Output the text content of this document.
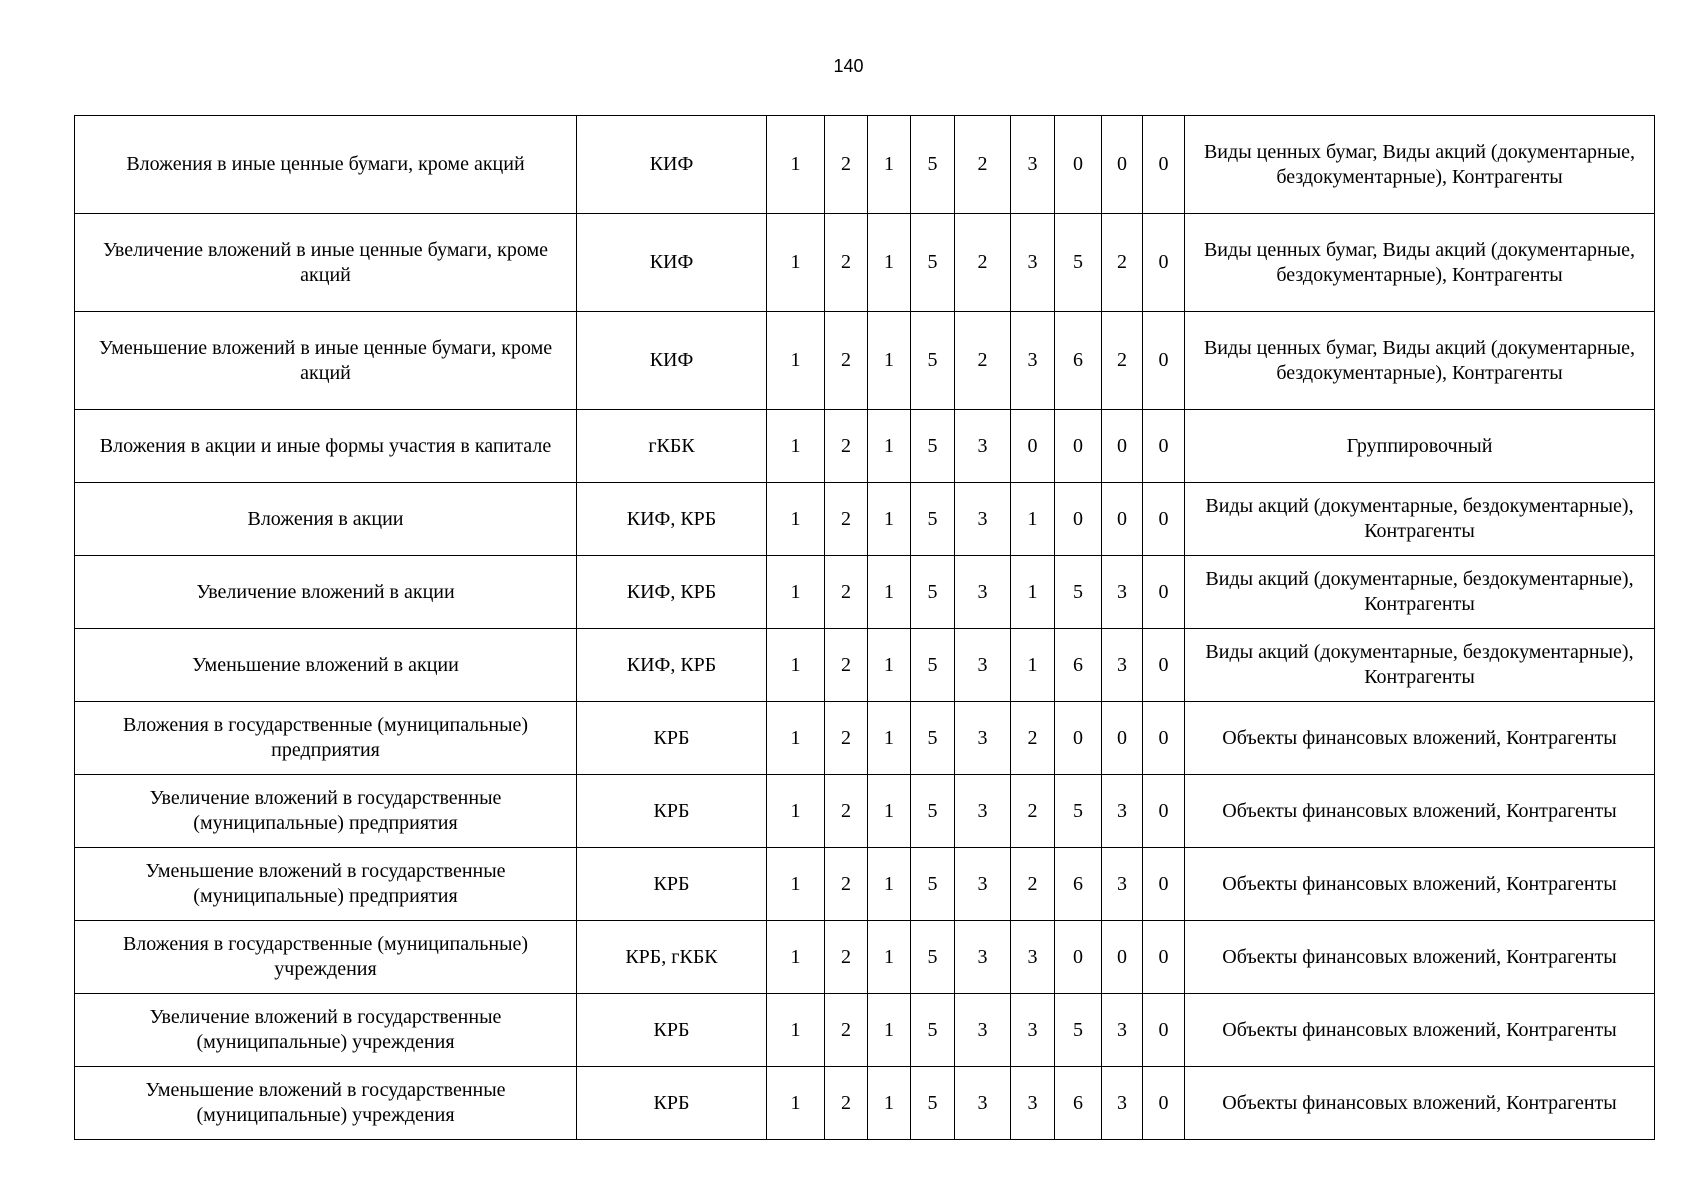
140
Вложения в иные ценные бумаги, кроме акций	КИФ	1	2	1	5	2	3	0	0	0	Виды ценных бумаг, Виды акций (документарные, бездокументарные), Контрагенты
Увеличение вложений в иные ценные бумаги, кроме акций	КИФ	1	2	1	5	2	3	5	2	0	Виды ценных бумаг, Виды акций (документарные, бездокументарные), Контрагенты
Уменьшение вложений в иные ценные бумаги, кроме акций	КИФ	1	2	1	5	2	3	6	2	0	Виды ценных бумаг, Виды акций (документарные, бездокументарные), Контрагенты
Вложения в акции и иные формы участия в капитале	гКБК	1	2	1	5	3	0	0	0	0	Группировочный
Вложения в акции	КИФ, КРБ	1	2	1	5	3	1	0	0	0	Виды акций (документарные, бездокументарные), Контрагенты
Увеличение вложений в акции	КИФ, КРБ	1	2	1	5	3	1	5	3	0	Виды акций (документарные, бездокументарные), Контрагенты
Уменьшение вложений в акции	КИФ, КРБ	1	2	1	5	3	1	6	3	0	Виды акций (документарные, бездокументарные), Контрагенты
Вложения в государственные (муниципальные) предприятия	КРБ	1	2	1	5	3	2	0	0	0	Объекты финансовых вложений, Контрагенты
Увеличение вложений в государственные (муниципальные) предприятия	КРБ	1	2	1	5	3	2	5	3	0	Объекты финансовых вложений, Контрагенты
Уменьшение вложений в государственные (муниципальные) предприятия	КРБ	1	2	1	5	3	2	6	3	0	Объекты финансовых вложений, Контрагенты
Вложения в государственные (муниципальные) учреждения	КРБ, гКБК	1	2	1	5	3	3	0	0	0	Объекты финансовых вложений, Контрагенты
Увеличение вложений в государственные (муниципальные) учреждения	КРБ	1	2	1	5	3	3	5	3	0	Объекты финансовых вложений, Контрагенты
Уменьшение вложений в государственные (муниципальные) учреждения	КРБ	1	2	1	5	3	3	6	3	0	Объекты финансовых вложений, Контрагенты
